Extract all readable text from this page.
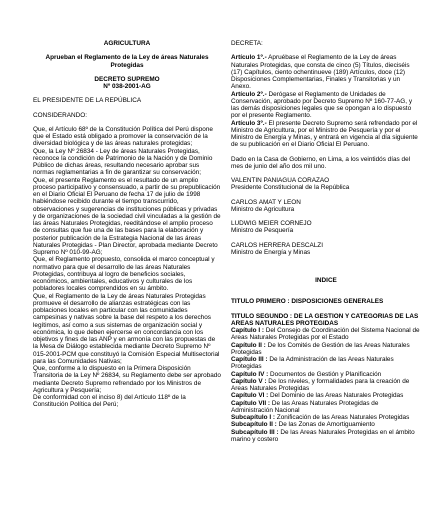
AGRICULTURA

Aprueban el Reglamento de la Ley de áreas Naturales Protegidas

DECRETO SUPREMO
Nº 038-2001-AG

EL PRESIDENTE DE LA REPÚBLICA

CONSIDERANDO:

Que, el Artículo 68º de la Constitución Política del Perú dispone que el Estado está obligado a promover la conservación de la diversidad biológica y de las áreas naturales protegidas;

Que, la Ley Nº 26834 - Ley de áreas Naturales Protegidas, reconoce la condición de Patrimonio de la Nación y de Dominio Público de dichas áreas, resultando necesario aprobar sus normas reglamentarias a fin de garantizar su conservación;

Que, el presente Reglamento es el resultado de un amplio proceso participativo y consensuado, a partir de su prepublicación en el Diario Oficial El Peruano de fecha 17 de julio de 1998 habiéndose recibido durante el tiempo transcurrido, observaciones y sugerencias de instituciones públicas y privadas y de organizaciones de la sociedad civil vinculadas a la gestión de las áreas Naturales Protegidas, reeditándose el amplio proceso de consultas que fue una de las bases para la elaboración y posterior publicación de la Estrategia Nacional de las áreas Naturales Protegidas - Plan Director, aprobada mediante Decreto Supremo Nº 010-99-AG;

Que, el Reglamento propuesto, consolida el marco conceptual y normativo para que el desarrollo de las áreas Naturales Protegidas, contribuya al logro de beneficios sociales, económicos, ambientales, educativos y culturales de los pobladores locales comprendidos en su ámbito.

Que, el Reglamento de la Ley de áreas Naturales Protegidas promueve el desarrollo de alianzas estratégicas con las poblaciones locales en particular con las comunidades campesinas y nativas sobre la base del respeto a los derechos legítimos, así como a sus sistemas de organización social y económica, lo que deben ejercerse en concordancia con los objetivos y fines de las ANP y en armonía con las propuestas de la Mesa de Diálogo establecida mediante Decreto Supremo Nº 015-2001-PCM que constituyó la Comisión Especial Multisectorial para las Comunidades Nativas;

Que, conforme a lo dispuesto en la Primera Disposición Transitoria de la Ley Nº 26834, su Reglamento debe ser aprobado mediante Decreto Supremo refrendado por los Ministros de Agricultura y Pesquería;

De conformidad con el inciso 8) del Artículo 118º de la Constitución Política del Perú;

DECRETA:

Artículo 1º.- Apruébase el Reglamento de la Ley de áreas Naturales Protegidas, que consta de cinco (5) Títulos, dieciséis (17) Capítulos, ciento ochentinueve (189) Artículos, doce (12) Disposiciones Complementarias, Finales y Transitorias y un Anexo.

Artículo 2º.- Derógase el Reglamento de Unidades de Conservación, aprobado por Decreto Supremo Nº 160-77-AG, y las demás disposiciones legales que se opongan a lo dispuesto por el presente Reglamento.

Artículo 3º.- El presente Decreto Supremo será refrendado por el Ministro de Agricultura, por el Ministro de Pesquería y por el Ministro de Energía y Minas, y entrará en vigencia al día siguiente de su publicación en el Diario Oficial El Peruano.

Dado en la Casa de Gobierno, en Lima, a los veintidós días del mes de junio del año dos mil uno.

VALENTIN PANIAGUA CORAZAO

Presidente Constitucional de la República

CARLOS AMAT Y LEON

Ministro de Agricultura

LUDWIG MEIER CORNEJO

Ministro de Pesquería

CARLOS HERRERA DESCALZI

Ministro de Energía y Minas

INDICE

TITULO PRIMERO : DISPOSICIONES GENERALES

TITULO SEGUNDO : DE LA GESTION Y CATEGORIAS DE LAS AREAS NATURALES PROTEGIDAS

Capítulo I : Del Consejo de Coordinación del Sistema Nacional de Areas Naturales Protegidas por el Estado

Capítulo II : De los Comités de Gestión de las Areas Naturales Protegidas

Capítulo III : De la Administración de las Areas Naturales Protegidas

Capítulo IV : Documentos de Gestión y Planificación

Capítulo V : De los niveles, y formalidades para la creación de Areas Naturales Protegidas

Capítulo VI : Del Dominio de las Areas Naturales Protegidas

Capítulo VII : De las Areas Naturales Protegidas de Administración Nacional

Subcapítulo I : Zonificación de las Areas Naturales Protegidas

Subcapítulo II : De las Zonas de Amortiguamiento

Subcapítulo III : De las Areas Naturales Protegidas en el ámbito marino y costero
